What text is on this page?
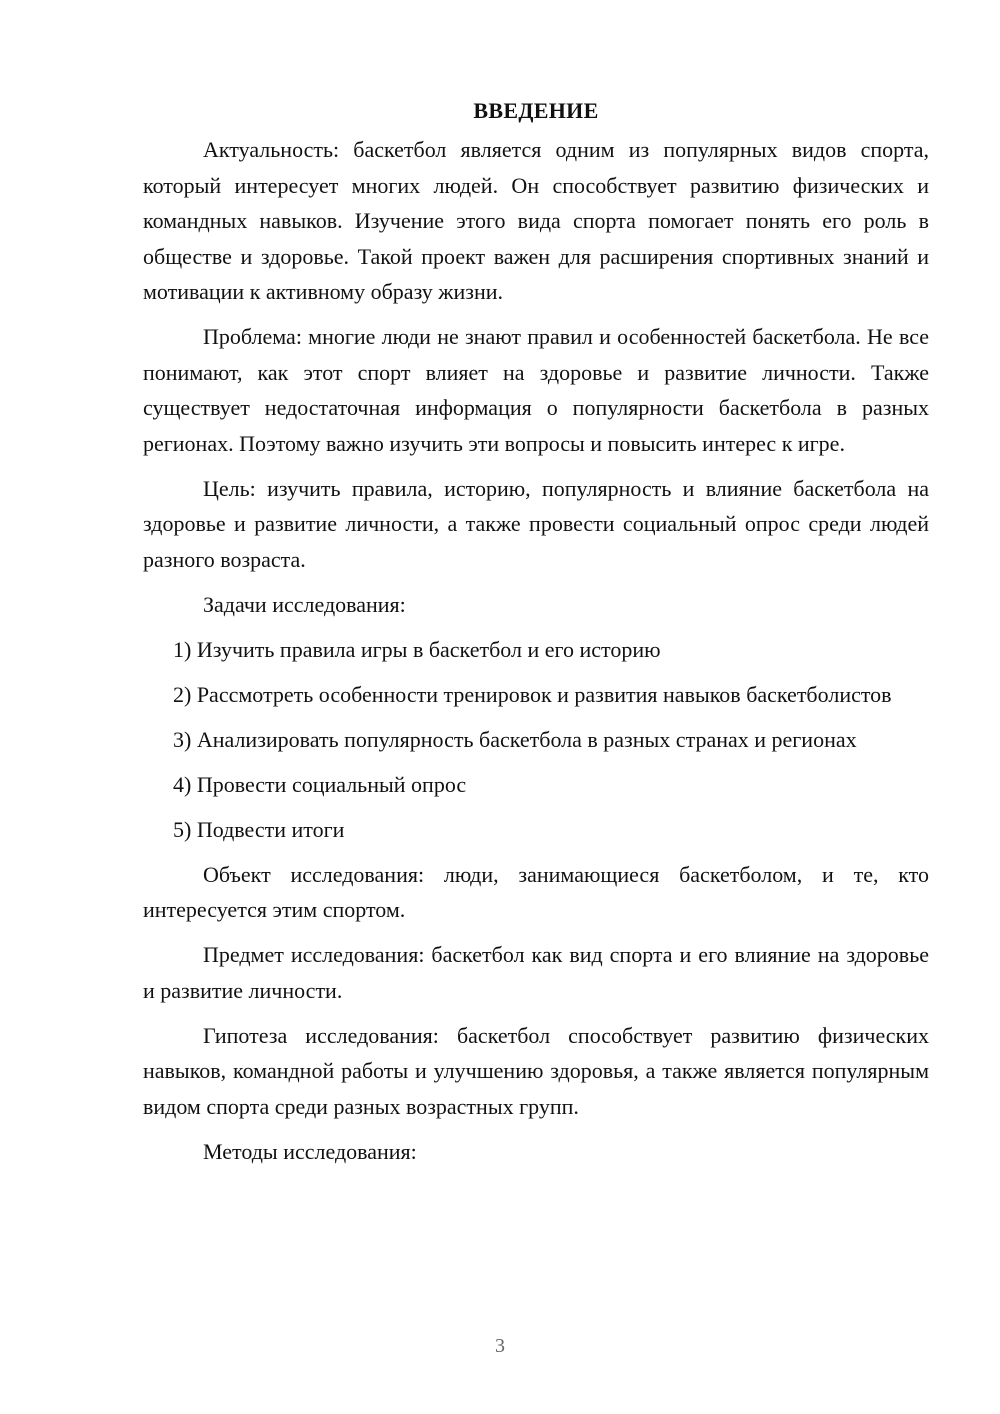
ВВЕДЕНИЕ

Актуальность: баскетбол является одним из популярных видов спорта, который интересует многих людей. Он способствует развитию физических и командных навыков. Изучение этого вида спорта помогает понять его роль в обществе и здоровье. Такой проект важен для расширения спортивных знаний и мотивации к активному образу жизни.

Проблема: многие люди не знают правил и особенностей баскетбола. Не все понимают, как этот спорт влияет на здоровье и развитие личности. Также существует недостаточная информация о популярности баскетбола в разных регионах. Поэтому важно изучить эти вопросы и повысить интерес к игре.

Цель: изучить правила, историю, популярность и влияние баскетбола на здоровье и развитие личности, а также провести социальный опрос среди людей разного возраста.

Задачи исследования:

1) Изучить правила игры в баскетбол и его историю

2) Рассмотреть особенности тренировок и развития навыков баскетболистов

3) Анализировать популярность баскетбола в разных странах и регионах

4) Провести социальный опрос

5) Подвести итоги

Объект исследования: люди, занимающиеся баскетболом, и те, кто интересуется этим спортом.

Предмет исследования: баскетбол как вид спорта и его влияние на здоровье и развитие личности.

Гипотеза исследования: баскетбол способствует развитию физических навыков, командной работы и улучшению здоровья, а также является популярным видом спорта среди разных возрастных групп.

Методы исследования:

3
